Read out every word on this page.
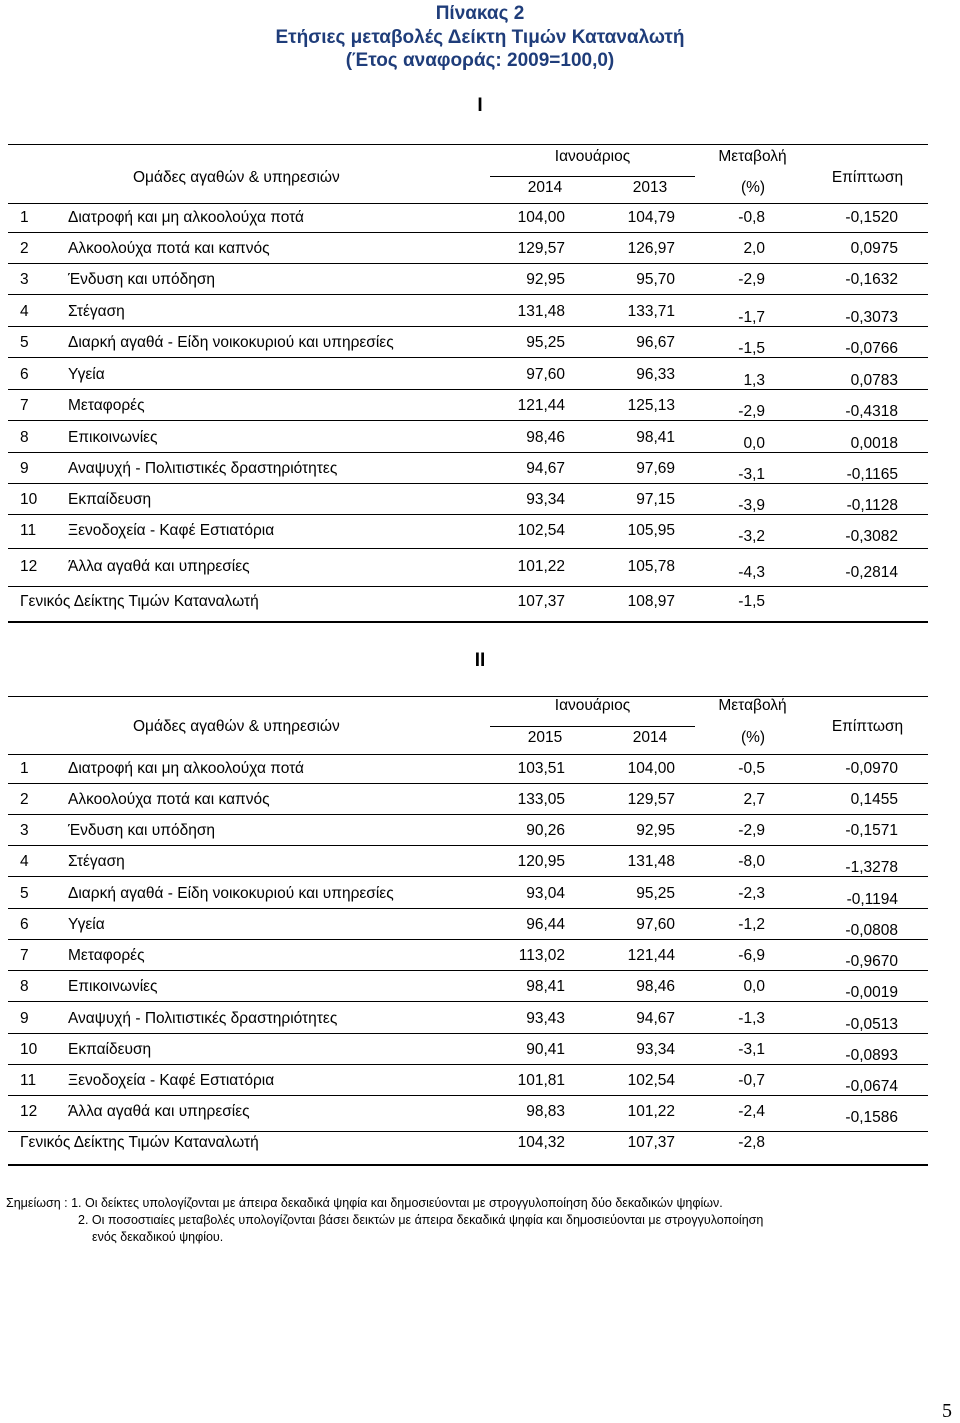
Πίνακας 2
Ετήσιες μεταβολές Δείκτη Τιμών Καταναλωτή
(Έτος αναφοράς: 2009=100,0)
I
Ομάδες αγαθών & υπηρεσιών
Ιανουάριος	Μεταβολή
Επίπτωση
2014	2013	(%)
1	Διατροφή και μη αλκοολούχα ποτά	104,00	104,79	-0,8	-0,1520
2	Αλκοολούχα ποτά και καπνός	129,57	126,97	2,0	0,0975
3	Ένδυση και υπόδηση	92,95	95,70	-2,9	-0,1632
4	Στέγαση	131,48	133,71	-1,7	-0,3073
5	Διαρκή αγαθά - Είδη νοικοκυριού και υπηρεσίες	95,25	96,67	-1,5	-0,0766
6	Υγεία	97,60	96,33	1,3	0,0783
7	Μεταφορές	121,44	125,13	-2,9	-0,4318
8	Επικοινωνίες	98,46	98,41	0,0	0,0018
9	Αναψυχή - Πολιτιστικές δραστηριότητες	94,67	97,69	-3,1	-0,1165
10 Εκπαίδευση	93,34	97,15	-3,9	-0,1128
11 Ξενοδοχεία - Καφέ Εστιατόρια	102,54	105,95	-3,2	-0,3082
12 Άλλα αγαθά και υπηρεσίες	101,22	105,78	-4,3	-0,2814
Γενικός Δείκτης Τιμών Καταναλωτή	107,37	108,97	-1,5
II
Ομάδες αγαθών & υπηρεσιών
Ιανουάριος	Μεταβολή
Επίπτωση
2015	2014	(%)
1	Διατροφή και μη αλκοολούχα ποτά	103,51	104,00	-0,5	-0,0970
2	Αλκοολούχα ποτά και καπνός	133,05	129,57	2,7	0,1455
3	Ένδυση και υπόδηση	90,26	92,95	-2,9	-0,1571
4	Στέγαση	120,95	131,48	-8,0	-1,3278
5	Διαρκή αγαθά - Είδη νοικοκυριού και υπηρεσίες	93,04	95,25	-2,3	-0,1194
6	Υγεία	96,44	97,60	-1,2	-0,0808
7	Μεταφορές	113,02	121,44	-6,9	-0,9670
8	Επικοινωνίες	98,41	98,46	0,0	-0,0019
9	Αναψυχή - Πολιτιστικές δραστηριότητες	93,43	94,67	-1,3	-0,0513
10 Εκπαίδευση	90,41	93,34	-3,1	-0,0893
11 Ξενοδοχεία - Καφέ Εστιατόρια	101,81	102,54	-0,7	-0,0674
12 Άλλα αγαθά και υπηρεσίες	98,83	101,22	-2,4	-0,1586
Γενικός Δείκτης Τιμών Καταναλωτή	104,32	107,37	-2,8
Σημείωση : 1. Οι δείκτες υπολογίζονται με άπειρα δεκαδικά ψηφία και δημοσιεύονται με στρογγυλοποίηση δύο δεκαδικών ψηφίων.
2. Οι ποσοστιαίες μεταβολές υπολογίζονται βάσει δεικτών με άπειρα δεκαδικά ψηφία και δημοσιεύονται με στρογγυλοποίηση
ενός δεκαδικού ψηφίου.
5
